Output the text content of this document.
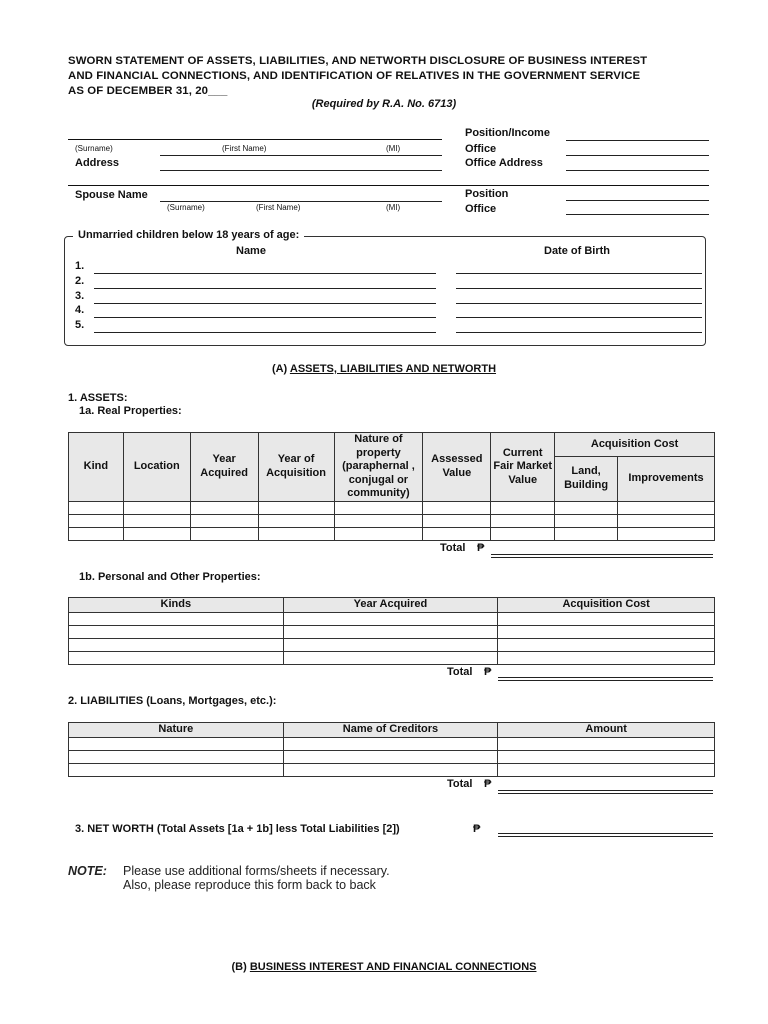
SWORN STATEMENT OF ASSETS, LIABILITIES, AND NETWORTH DISCLOSURE OF BUSINESS INTEREST
AND FINANCIAL CONNECTIONS, AND IDENTIFICATION OF RELATIVES IN THE GOVERNMENT SERVICE
AS OF DECEMBER 31, 20___
(Required by R.A. No. 6713)
(Surname)	(First Name)	(MI)
Address
Position/Income
Office
Office Address
Spouse Name
(Surname)	(First Name)	(MI)
Position
Office
Unmarried children below 18 years of age:
Name	Date of Birth
1.
2.
3.
4.
5.
(A) ASSETS, LIABILITIES AND NETWORTH
1. ASSETS:
1a. Real Properties:
Kind	Location	Year Acquired	Year of Acquisition	Nature of property (paraphernal , conjugal or community)	Assessed Value	Current Fair Market Value	Acquisition Cost	
							Land, Building	Improvements

Total ₱
1b. Personal and Other Properties:
Kinds	Year Acquired	Acquisition Cost

Total ₱
2. LIABILITIES (Loans, Mortgages, etc.):
Nature	Name of Creditors	Amount

Total ₱
3. NET WORTH (Total Assets [1a + 1b] less Total Liabilities [2])	₱
NOTE: Please use additional forms/sheets if necessary.
Also, please reproduce this form back to back
(B) BUSINESS INTEREST AND FINANCIAL CONNECTIONS
